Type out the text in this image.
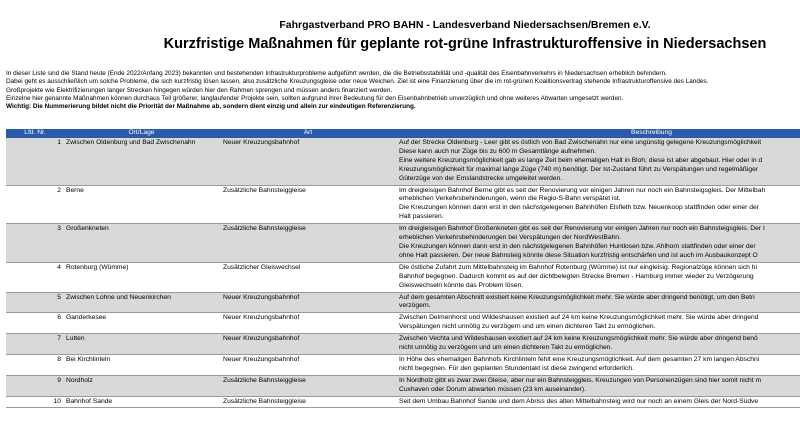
Fahrgastverband PRO BAHN - Landesverband Niedersachsen/Bremen e.V.
Kurzfristige Maßnahmen für geplante rot-grüne Infrastrukturoffensive in Niedersachsen
In dieser Liste sind die Stand heute (Ende 2022/Anfang 2023) bekannten und bestehenden Infrastrukturprobleme aufgeführt werden, die die Betriebsstabilität und -qualität des Eisenbahnverkehrs in Niedersachsen erheblich behindern.
Dabei geht es ausschließlich um solche Probleme, die sich kurzfristig lösen lassen, also zusätzliche Kreuzungsgleise oder neue Weichen. Ziel ist eine Finanzierung über die im rot-grünen Koalitionsvertrag stehende Infrastrukturoffensive des Landes.
Großprojekte wie Elektrifizierungen langer Strecken hingegen würden hier den Rahmen sprengen und müssen anders finanziert werden.
Einzelne hier genannte Maßnahmen können durchaus Teil größerer, langlaufender Projekte sein, sollten aufgrund ihrer Bedeutung für den Eisenbahnbetrieb unverzüglich und ohne weiteres Abwarten umgesetzt werden.
Wichtig: Die Nummerierung bildet nicht die Priorität der Maßnahme ab, sondern dient einzig und allein zur eindeutigen Referenzierung.
Lfd. Nr.	Ort/Lage	Art	Beschreibung
1	Zwischen Oldenburg und Bad Zwischenahn	Neuer Kreuzungsbahnhof	Auf der Strecke Oldenburg - Leer gibt es östlich von Bad Zwischenahn nur eine ungünstig gelegene Kreuzungsmöglichkeit
Diese kann auch nur Züge bis zu 600 m Gesamtlänge aufnehmen.
Eine weitere Kreuzungsmöglichkeit gab es lange Zeit beim ehemaligen Halt in Bloh; diese ist aber abgebaut. Hier oder in d
Kreuzungsmöglichkeit für maximal lange Züge (740 m) benötigt. Der Ist-Zustand führt zu Verspätungen und regelmäßiger
Güterzüge von der Emslandstrecke umgeleitet werden.

2	Berne	Zusätzliche Bahnsteiggleise	Im dreigleisigen Bahnhof Berne gibt es seit der Renovierung vor einigen Jahren nur noch ein Bahnsteigsgleis. Der Mittelbah
erheblichen Verkehrsbehinderungen, wenn die Regio-S-Bahn verspätet ist.
Die Kreuzungen können dann erst in den nächstgelegenen Bahnhöfen Elsfleth bzw. Neuenkoop stattfinden oder einer der
Halt passieren.

3	Großenkneten	Zusätzliche Bahnsteiggleise	Im dreigleisigen Bahnhof Großenkneten gibt es seit der Renovierung vor einigen Jahren nur noch ein Bahnsteigsgleis. Der I
erheblichen Verkehrsbehinderungen bei Verspätungen der NordWestBahn.
Die Kreuzungen können dann erst in den nächstgelegenen Bahnhöfen Huntlosen bzw. Ahlhorn stattfinden oder einer der
ohne Halt passieren. Der neue Bahnsteig könnte diese Situation kurzfristig entschärfen und ist auch im Ausbaukonzept O

4	Rotenburg (Wümme)	Zusätzlicher Gleiswechsel	Die östliche Zufahrt zum Mittelbahnsteig im Bahnhof Rotenburg (Wümme) ist nur eingleisig. Regionalzüge können sich hi
Bahnhof begegnen. Dadurch kommt es auf der dichtbelegten Strecke Bremen - Hamburg immer wieder zu Verzögerung
Gleiswechseln könnte das Problem lösen.

5	Zwischen Lohne und Neuenkirchen	Neuer Kreuzungsbahnhof	Auf dem gesamten Abschnitt existiert keine Kreuzungsmöglichkeit mehr. Sie würde aber dringend benötigt, um den Betri
verzögern.

6	Ganderkesee	Neuer Kreuzungsbahnhof	Zwischen Delmenhorst und Wildeshausen existiert auf 24 km keine Kreuzungsmöglichkeit mehr. Sie würde aber dringend
Verspätungen nicht unnötig zu verzögern und um einen dichteren Takt zu ermöglichen.

7	Lutten	Neuer Kreuzungsbahnhof	Zwischen Vechta und Wildeshausen existiert auf 24 km keine Kreuzungsmöglichkeit mehr. Sie würde aber dringend benö
nicht unnötig zu verzögern und um einen dichteren Takt zu ermöglichen.

8	Bei Kirchlinteln	Neuer Kreuzungsbahnhof	In Höhe des ehemaligen Bahnhofs Kirchlinteln fehlt eine Kreuzungsmöglichkeit. Auf dem gesamten 27 km langen Abschni
nicht begegnen. Für den geplanten Stundentakt ist diese zwingend erforderlich.

9	Nordholz	Zusätzliche Bahnsteiggleise	In Nordholz gibt es zwar zwei Gleise, aber nur ein Bahnsteiggleis. Kreuzungen von Personenzügen sind hier somit nicht m
Cuxhaven oder Dorum abwarten müssen (23 km auseinander).

10	Bahnhof Sande	Zusätzliche Bahnsteiggleise	Seit dem Umbau Bahnhof Sande und dem Abriss des alten Mittelbahnsteig wird nur noch an einem Gleis der Nord-Südve
